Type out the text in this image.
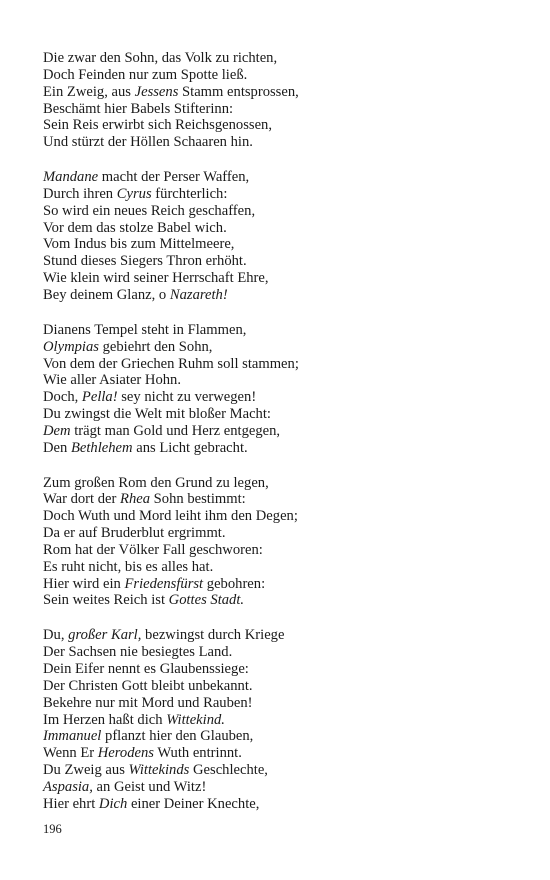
Die zwar den Sohn, das Volk zu richten,
Doch Feinden nur zum Spotte ließ.
Ein Zweig, aus Jessens Stamm entsprossen,
Beschämt hier Babels Stifterinn:
Sein Reis erwirbt sich Reichsgenossen,
Und stürzt der Höllen Schaaren hin.
Mandane macht der Perser Waffen,
Durch ihren Cyrus fürchterlich:
So wird ein neues Reich geschaffen,
Vor dem das stolze Babel wich.
Vom Indus bis zum Mittelmeere,
Stund dieses Siegers Thron erhöht.
Wie klein wird seiner Herrschaft Ehre,
Bey deinem Glanz, o Nazareth!
Dianens Tempel steht in Flammen,
Olympias gebiehrt den Sohn,
Von dem der Griechen Ruhm soll stammen;
Wie aller Asiater Hohn.
Doch, Pella! sey nicht zu verwegen!
Du zwingst die Welt mit bloßer Macht:
Dem trägt man Gold und Herz entgegen,
Den Bethlehem ans Licht gebracht.
Zum großen Rom den Grund zu legen,
War dort der Rhea Sohn bestimmt:
Doch Wuth und Mord leiht ihm den Degen;
Da er auf Bruderblut ergrimmt.
Rom hat der Völker Fall geschworen:
Es ruht nicht, bis es alles hat.
Hier wird ein Friedensfürst gebohren:
Sein weites Reich ist Gottes Stadt.
Du, großer Karl, bezwingst durch Kriege
Der Sachsen nie besiegtes Land.
Dein Eifer nennt es Glaubenssiege:
Der Christen Gott bleibt unbekannt.
Bekehre nur mit Mord und Rauben!
Im Herzen haßt dich Wittekind.
Immanuel pflanzt hier den Glauben,
Wenn Er Herodens Wuth entrinnt.
Du Zweig aus Wittekinds Geschlechte,
Aspasia, an Geist und Witz!
Hier ehrt Dich einer Deiner Knechte,
196
